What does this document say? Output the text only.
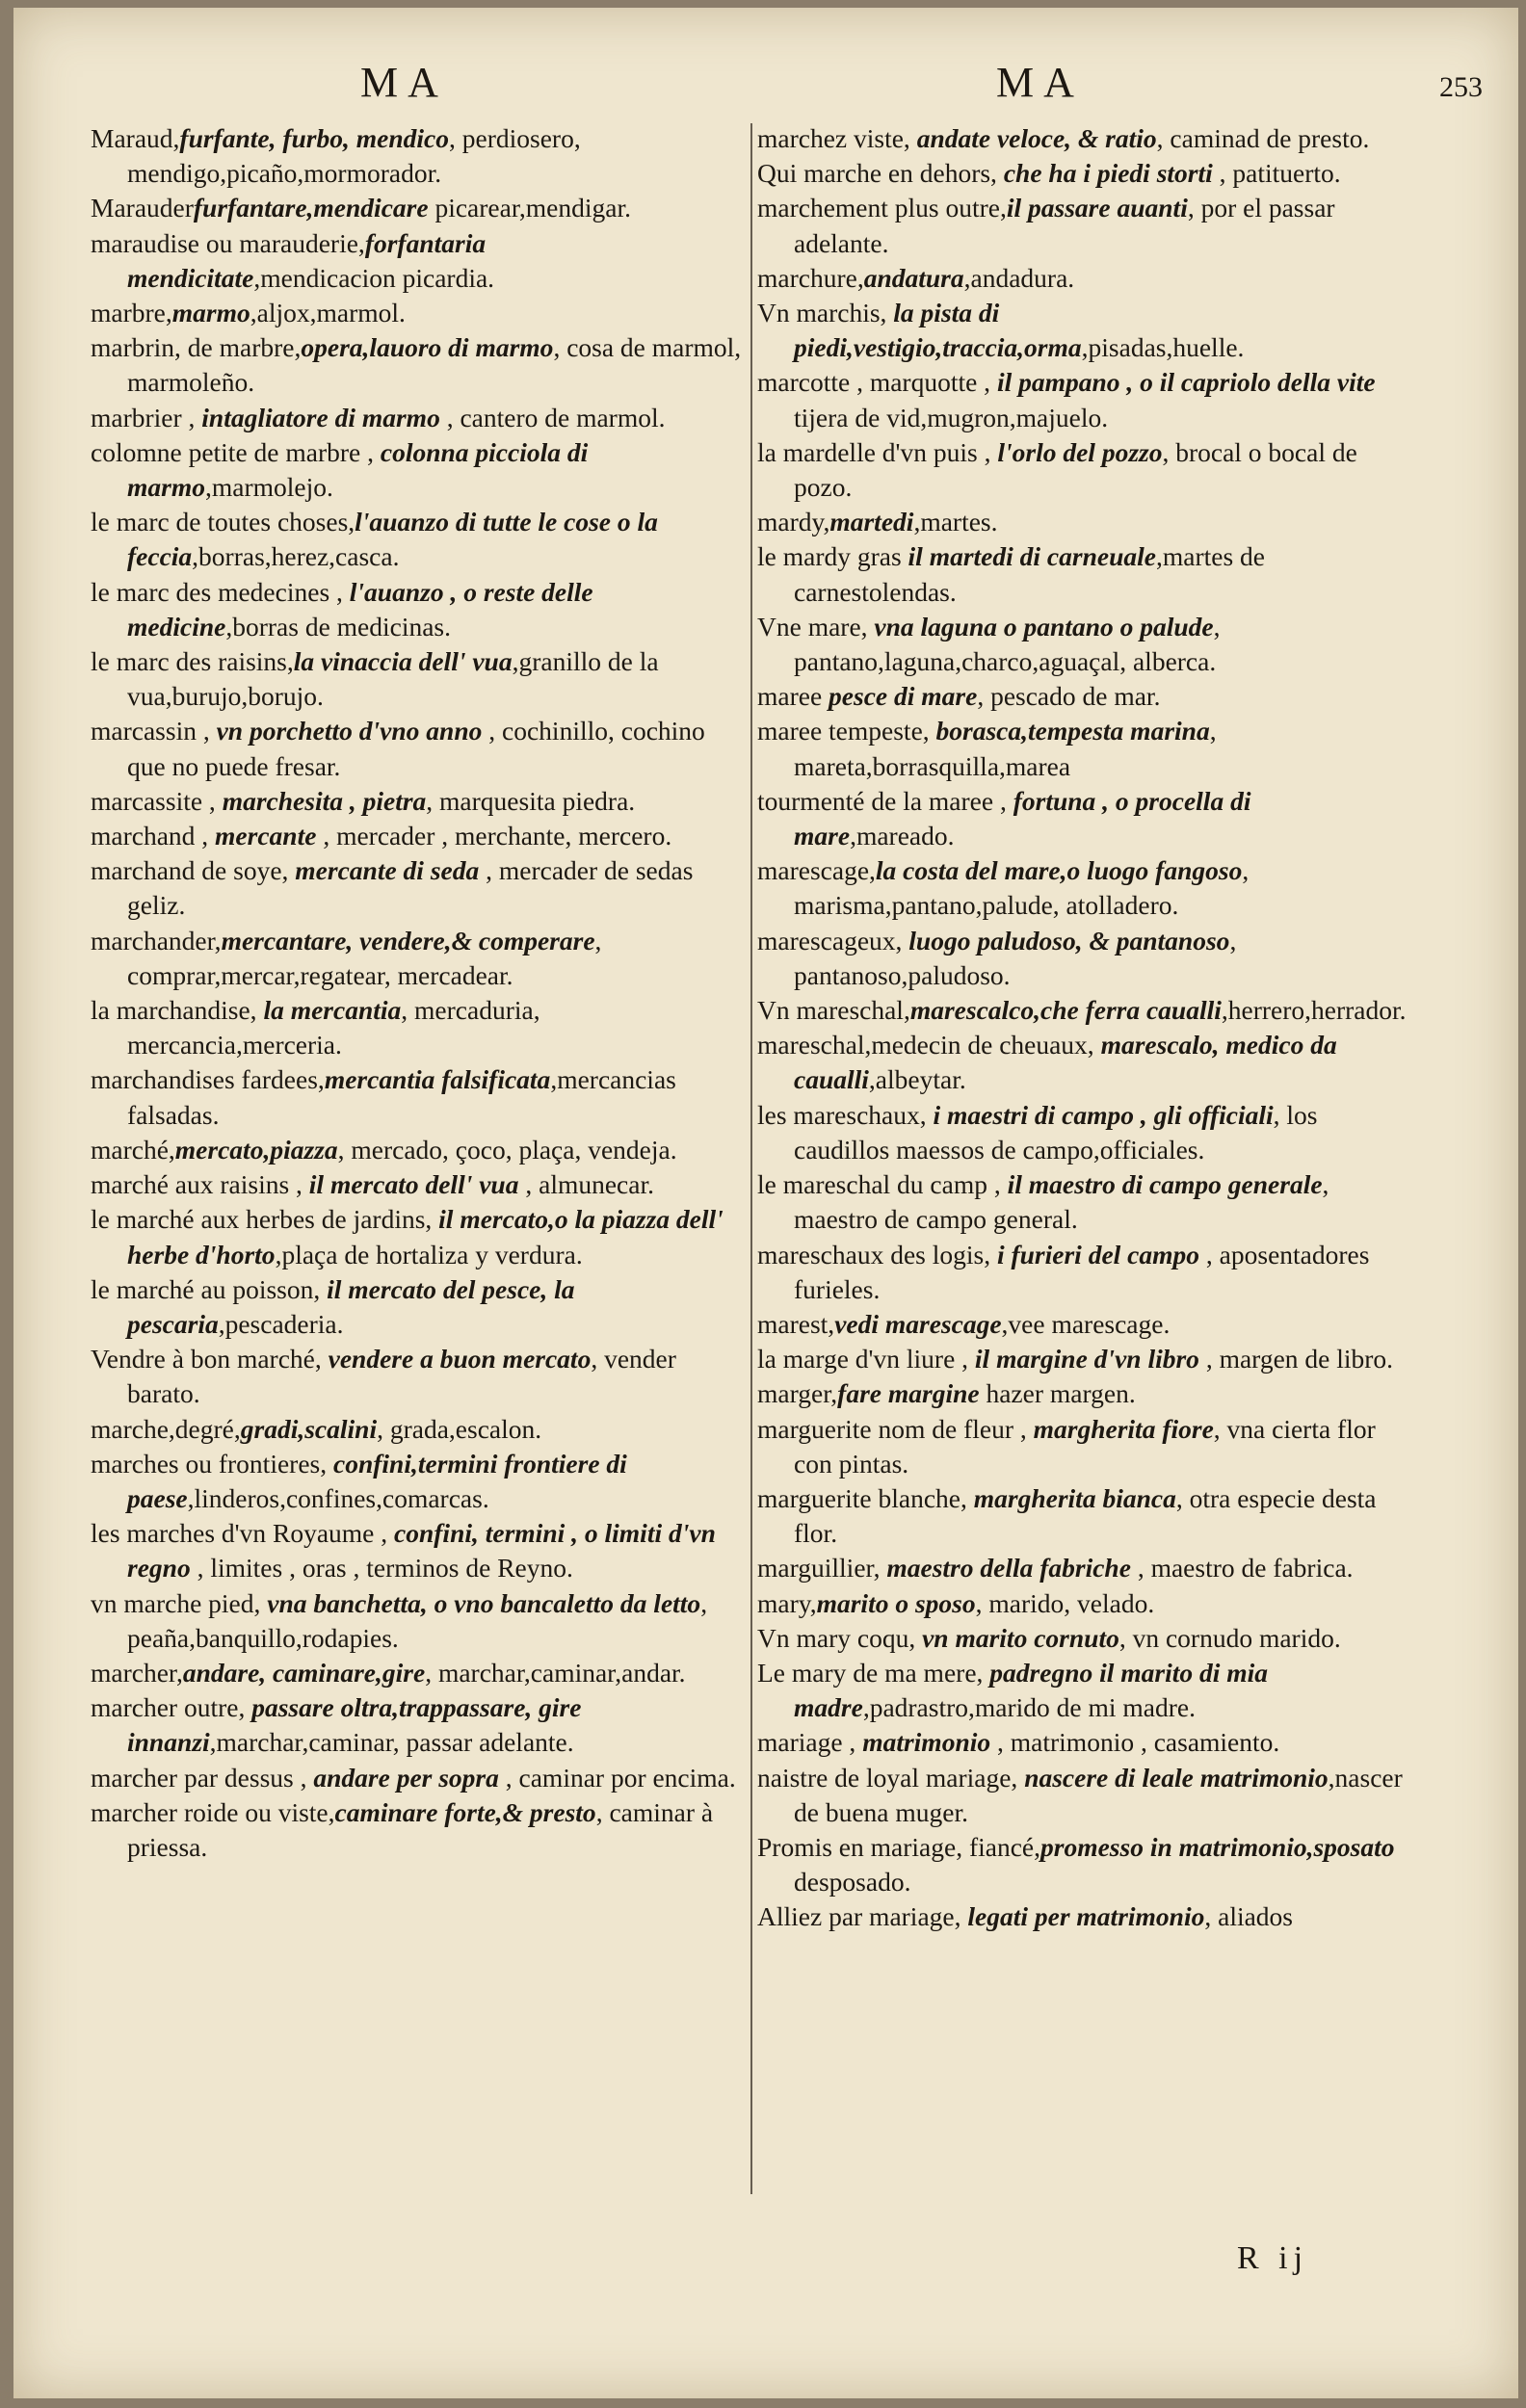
MA	MA	253

Maraud,furfante, furbo, mendico, perdiosero, mendigo,picaño,mormorador.

Marauderfurfantare,mendicare picarear,mendigar.

maraudise ou marauderie,forfantaria mendicitate,mendicacion picardia.

marbre,marmo,aljox,marmol.

marbrin, de marbre,opera,lauoro di marmo, cosa de marmol, marmoleño.

marbrier , intagliatore di marmo , cantero de marmol.

colomne petite de marbre , colonna picciola di marmo,marmolejo.

le marc de toutes choses,l'auanzo di tutte le cose o la feccia,borras,herez,casca.

le marc des medecines , l'auanzo , o reste delle medicine,borras de medicinas.

le marc des raisins,la vinaccia dell' vua,granillo de la vua,burujo,borujo.

marcassin , vn porchetto d'vno anno , cochinillo, cochino que no puede fresar.

marcassite , marchesita , pietra, marquesita piedra.

marchand , mercante , mercader , merchante, mercero.

marchand de soye, mercante di seda , mercader de sedas geliz.

marchander,mercantare, vendere,& comperare, comprar,mercar,regatear, mercadear.

la marchandise, la mercantia, mercaduria, mercancia,merceria.

marchandises fardees,mercantia falsificata,mercancias falsadas.

marché,mercato,piazza, mercado, çoco, plaça, vendeja.

marché aux raisins , il mercato dell' vua , almunecar.

le marché aux herbes de jardins, il mercato,o la piazza dell' herbe d'horto,plaça de hortaliza y verdura.

le marché au poisson, il mercato del pesce, la pescaria,pescaderia.

Vendre à bon marché, vendere a buon mercato, vender barato.

marche,degré,gradi,scalini, grada,escalon.

marches ou frontieres, confini,termini frontiere di paese,linderos,confines,comarcas.

les marches d'vn Royaume , confini, termini , o limiti d'vn regno , limites , oras , terminos de Reyno.

vn marche pied, vna banchetta, o vno bancaletto da letto, peaña,banquillo,rodapies.

marcher,andare, caminare,gire, marchar,caminar,andar.

marcher outre, passare oltra,trappassare, gire innanzi,marchar,caminar, passar adelante.

marcher par dessus , andare per sopra , caminar por encima.

marcher roide ou viste,caminare forte,& presto, caminar à priessa.

marchez viste, andate veloce, & ratio, caminad de presto.

Qui marche en dehors, che ha i piedi storti , patituerto.

marchement plus outre,il passare auanti, por el passar adelante.

marchure,andatura,andadura.

Vn marchis, la pista di piedi,vestigio,traccia,orma,pisadas,huelle.

marcotte , marquotte , il pampano , o il capriolo della vite tijera de vid,mugron,majuelo.

la mardelle d'vn puis , l'orlo del pozzo, brocal o bocal de pozo.

mardy,martedi,martes.

le mardy gras il martedi di carneuale,martes de carnestolendas.

Vne mare, vna laguna o pantano o palude, pantano,laguna,charco,aguaçal, alberca.

maree pesce di mare, pescado de mar.

maree tempeste, borasca,tempesta marina, mareta,borrasquilla,marea

tourmenté de la maree , fortuna , o procella di mare,mareado.

marescage,la costa del mare,o luogo fangoso, marisma,pantano,palude, atolladero.

marescageux, luogo paludoso, & pantanoso, pantanoso,paludoso.

Vn mareschal,marescalco,che ferra caualli,herrero,herrador.

mareschal,medecin de cheuaux, marescalo, medico da caualli,albeytar.

les mareschaux, i maestri di campo , gli officiali, los caudillos maessos de campo,officiales.

le mareschal du camp , il maestro di campo generale, maestro de campo general.

mareschaux des logis, i furieri del campo , aposentadores furieles.

marest,vedi marescage,vee marescage.

la marge d'vn liure , il margine d'vn libro , margen de libro.

marger,fare margine hazer margen.

marguerite nom de fleur , margherita fiore, vna cierta flor con pintas.

marguerite blanche, margherita bianca, otra especie desta flor.

marguillier, maestro della fabriche , maestro de fabrica.

mary,marito o sposo, marido, velado.

Vn mary coqu, vn marito cornuto, vn cornudo marido.

Le mary de ma mere, padregno il marito di mia madre,padrastro,marido de mi madre.

mariage , matrimonio , matrimonio , casamiento.

naistre de loyal mariage, nascere di leale matrimonio,nascer de buena muger.

Promis en mariage, fiancé,promesso in matrimonio,sposato desposado.

Alliez par mariage, legati per matrimonio, aliados

R ij
